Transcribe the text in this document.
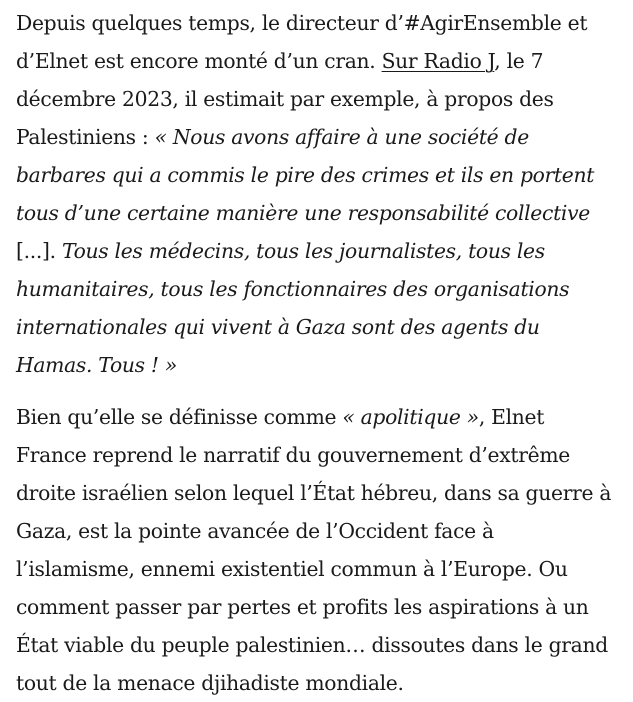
Depuis quelques temps, le directeur d’#AgirEnsemble et d’Elnet est encore monté d’un cran. Sur Radio J, le 7 décembre 2023, il estimait par exemple, à propos des Palestiniens : « Nous avons affaire à une société de barbares qui a commis le pire des crimes et ils en portent tous d’une certaine manière une responsabilité collective [...]. Tous les médecins, tous les journalistes, tous les humanitaires, tous les fonctionnaires des organisations internationales qui vivent à Gaza sont des agents du Hamas. Tous ! »

Bien qu’elle se définisse comme « apolitique », Elnet France reprend le narratif du gouvernement d’extrême droite israélien selon lequel l’État hébreu, dans sa guerre à Gaza, est la pointe avancée de l’Occident face à l’islamisme, ennemi existentiel commun à l’Europe. Ou comment passer par pertes et profits les aspirations à un État viable du peuple palestinien… dissoutes dans le grand tout de la menace djihadiste mondiale.
